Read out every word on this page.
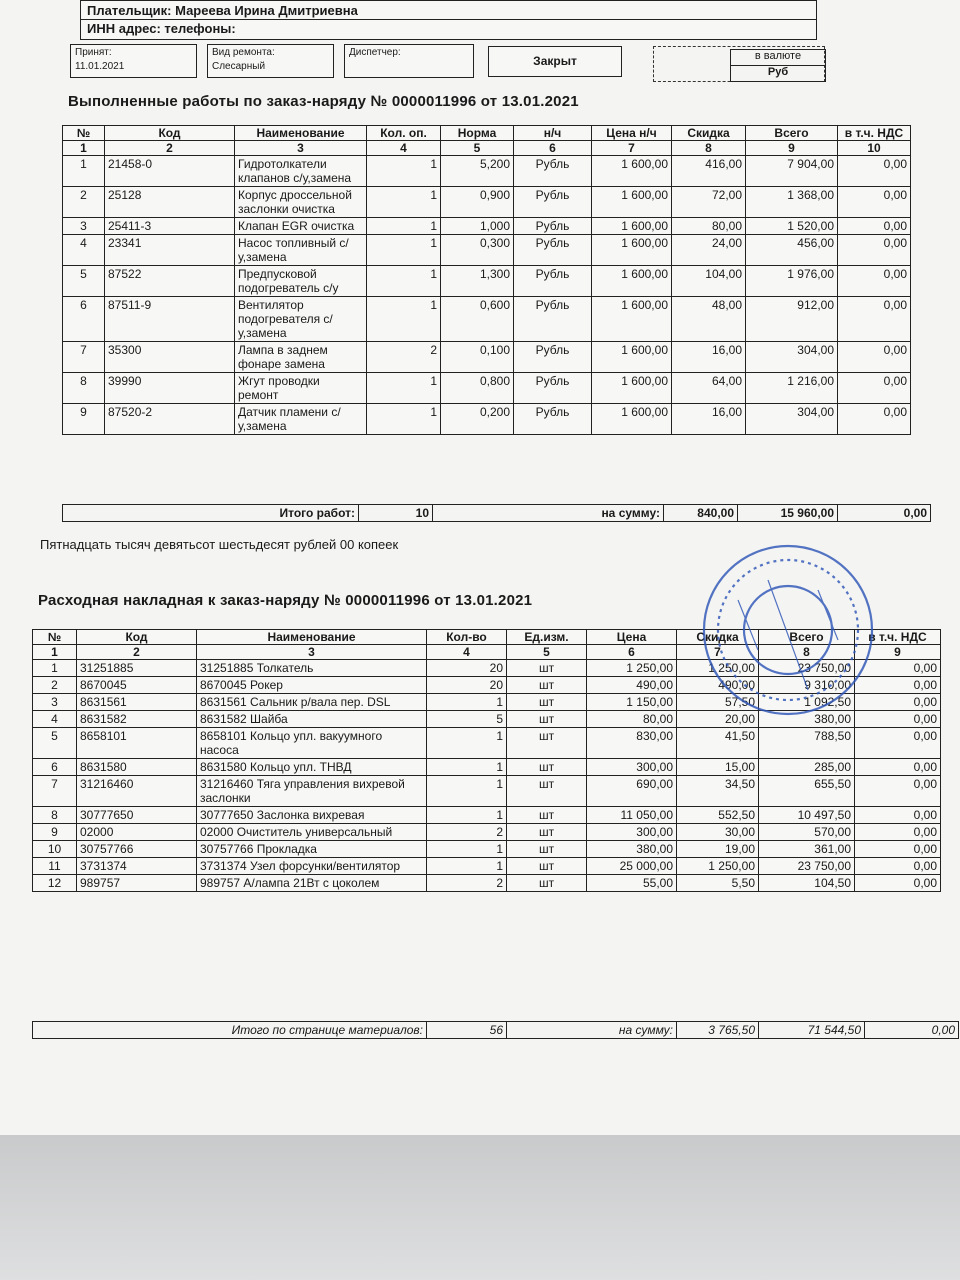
Плательщик: Мареева Ирина Дмитриевна
ИНН адрес: телефоны:
Принят:
11.01.2021
Вид ремонта:
Слесарный
Диспетчер:
Закрыт	в валюте
Руб
Выполненные работы по заказ-наряду № 0000011996 от 13.01.2021
№	Код	Наименование	Кол. оп.	Норма	н/ч	Цена н/ч	Скидка	Всего	в т.ч. НДС
1	2	3	4	5	6	7	8	9	10
1	21458-0	Гидротолкатели клапанов с/у,замена	1	5,200	Рубль	1 600,00	416,00	7 904,00	0,00
2	25128	Корпус дроссельной заслонки очистка	1	0,900	Рубль	1 600,00	72,00	1 368,00	0,00
3	25411-3	Клапан EGR очистка	1	1,000	Рубль	1 600,00	80,00	1 520,00	0,00
4	23341	Насос топливный с/у,замена	1	0,300	Рубль	1 600,00	24,00	456,00	0,00
5	87522	Предпусковой подогреватель с/у	1	1,300	Рубль	1 600,00	104,00	1 976,00	0,00
6	87511-9	Вентилятор подогревателя с/у,замена	1	0,600	Рубль	1 600,00	48,00	912,00	0,00
7	35300	Лампа в заднем фонаре замена	2	0,100	Рубль	1 600,00	16,00	304,00	0,00
8	39990	Жгут проводки ремонт	1	0,800	Рубль	1 600,00	64,00	1 216,00	0,00
9	87520-2	Датчик пламени с/у,замена	1	0,200	Рубль	1 600,00	16,00	304,00	0,00
Итого работ:	10	на сумму:	840,00	15 960,00	0,00
Пятнадцать тысяч девятьсот шестьдесят рублей 00 копеек
Расходная накладная к заказ-наряду № 0000011996 от 13.01.2021
№	Код	Наименование	Кол-во	Ед.изм.	Цена	Скидка	Всего	в т.ч. НДС
1	2	3	4	5	6	7	8	9
1	31251885	31251885 Толкатель	20	шт	1 250,00	1 250,00	23 750,00	0,00
2	8670045	8670045 Рокер	20	шт	490,00	490,00	9 310,00	0,00
3	8631561	8631561 Сальник р/вала пер. DSL	1	шт	1 150,00	57,50	1 092,50	0,00
4	8631582	8631582 Шайба	5	шт	80,00	20,00	380,00	0,00
5	8658101	8658101 Кольцо упл. вакуумного насоса	1	шт	830,00	41,50	788,50	0,00
6	8631580	8631580 Кольцо упл. ТНВД	1	шт	300,00	15,00	285,00	0,00
7	31216460	31216460 Тяга управления вихревой заслонки	1	шт	690,00	34,50	655,50	0,00
8	30777650	30777650 Заслонка вихревая	1	шт	11 050,00	552,50	10 497,50	0,00
9	02000	02000 Очиститель универсальный	2	шт	300,00	30,00	570,00	0,00
10	30757766	30757766 Прокладка	1	шт	380,00	19,00	361,00	0,00
11	3731374	3731374 Узел форсунки/вентилятор	1	шт	25 000,00	1 250,00	23 750,00	0,00
12	989757	989757 А/лампа 21Вт с цоколем	2	шт	55,00	5,50	104,50	0,00
Итого по странице материалов:	56	на сумму:	3 765,50	71 544,50	0,00
